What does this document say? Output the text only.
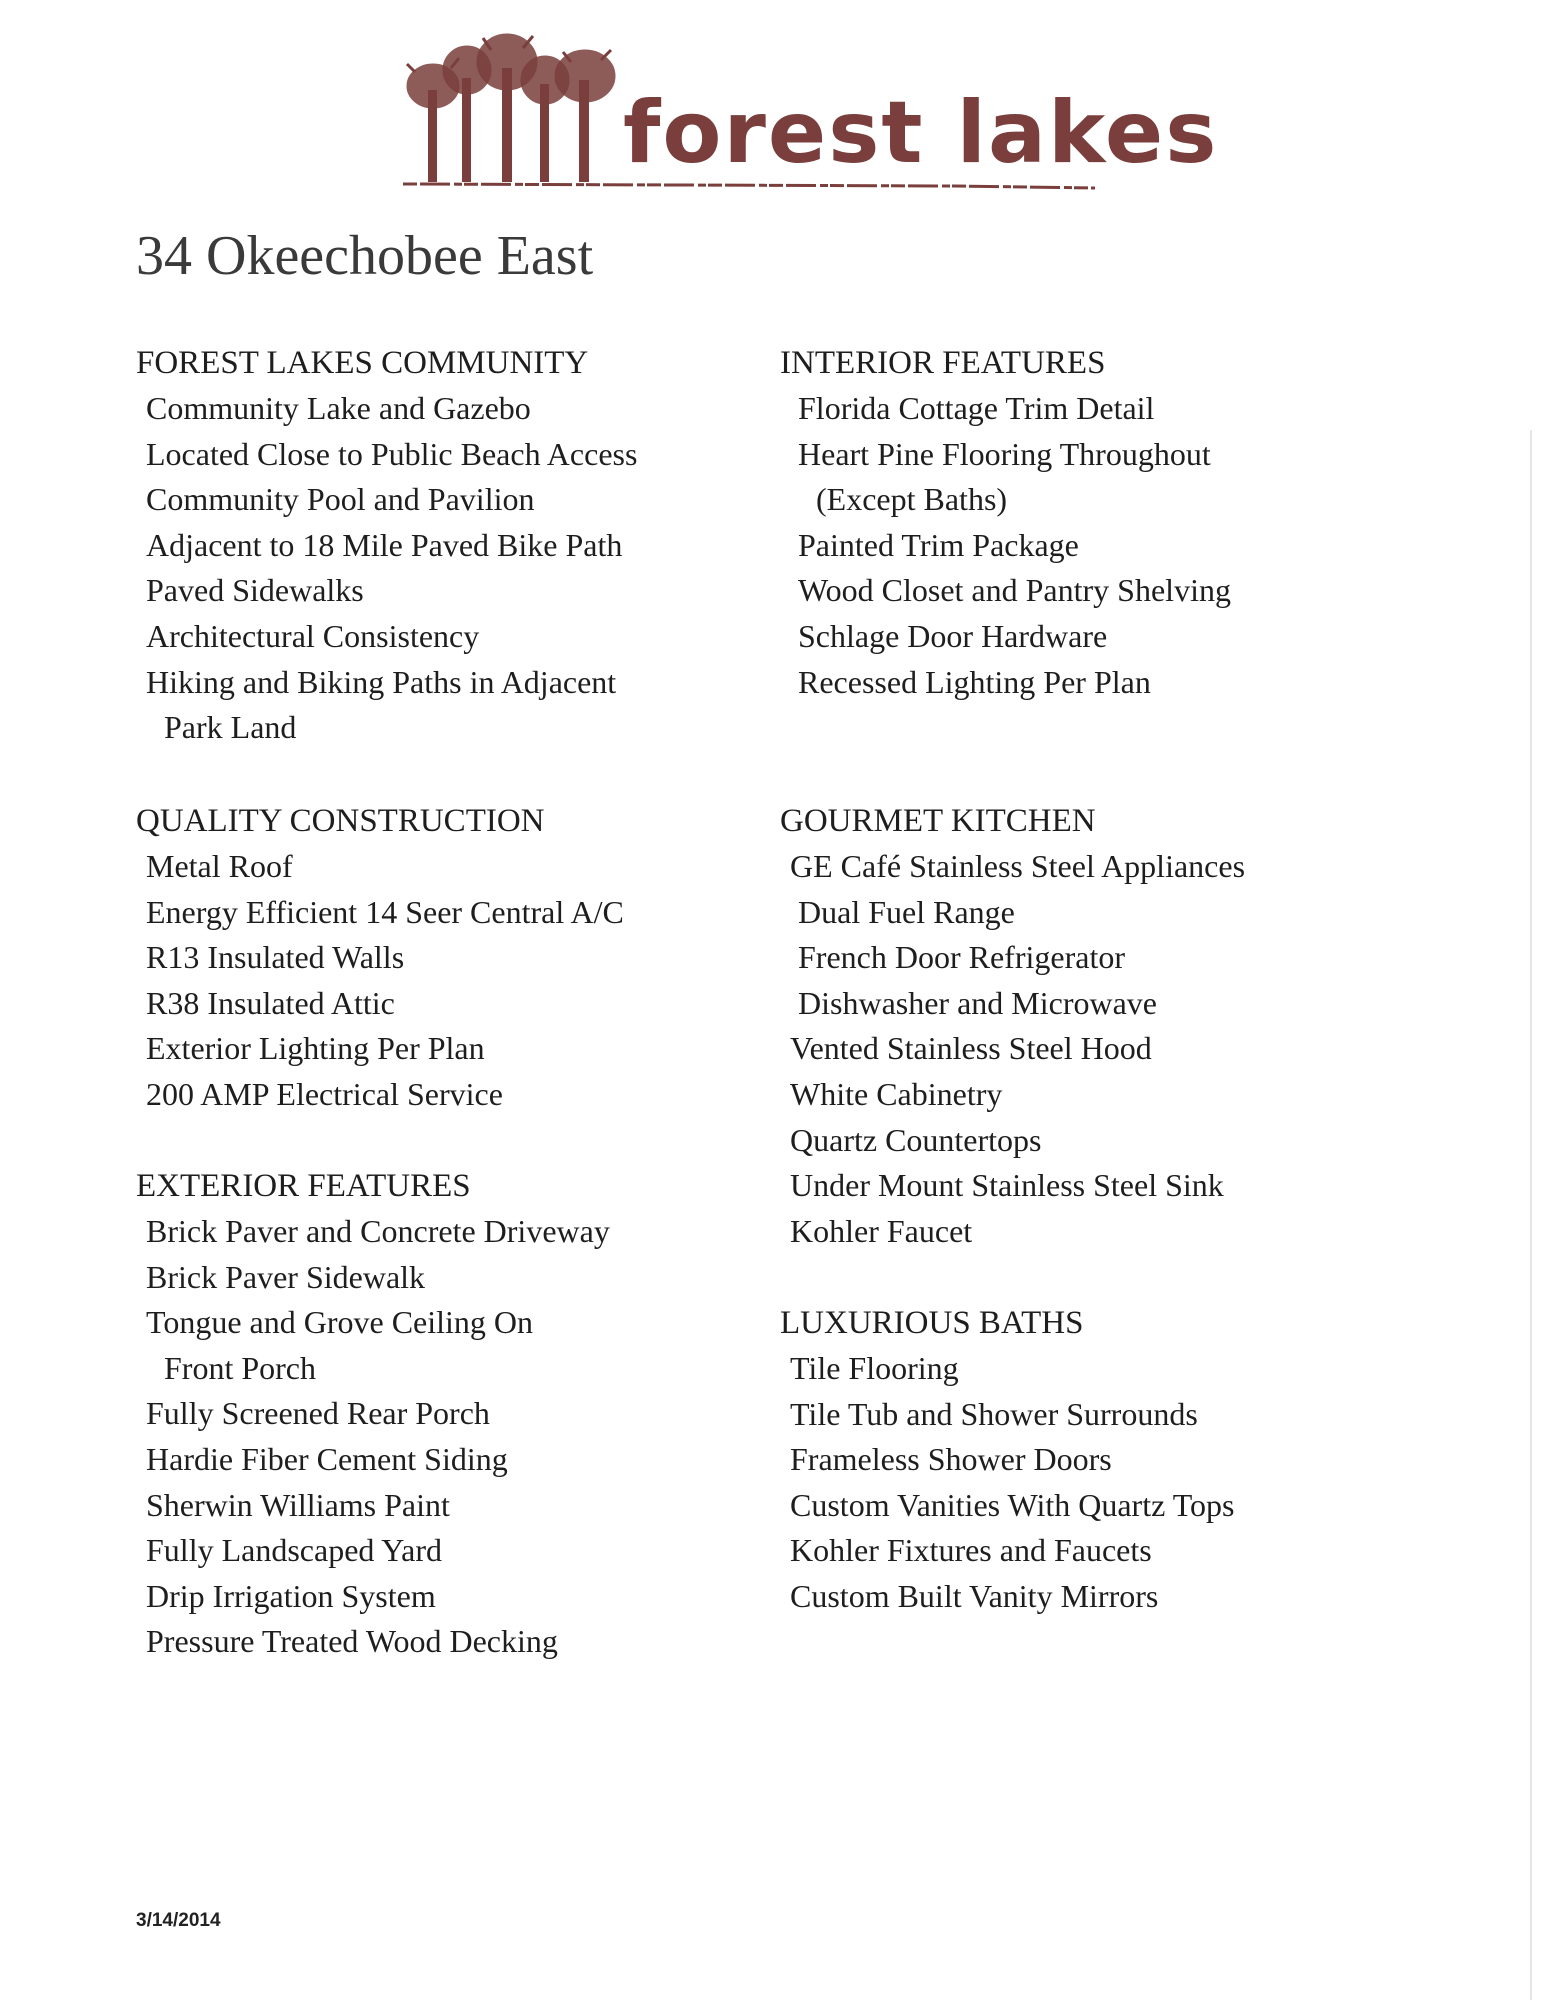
forest lakes
34 Okeechobee East
FOREST LAKES COMMUNITY
Community Lake and Gazebo
Located Close to Public Beach Access
Community Pool and Pavilion
Adjacent to 18 Mile Paved Bike Path
Paved Sidewalks
Architectural Consistency
Hiking and Biking Paths in Adjacent
Park Land
QUALITY CONSTRUCTION
Metal Roof
Energy Efficient 14 Seer Central A/C
R13 Insulated Walls
R38 Insulated Attic
Exterior Lighting Per Plan
200 AMP Electrical Service
EXTERIOR FEATURES
Brick Paver and Concrete Driveway
Brick Paver Sidewalk
Tongue and Grove Ceiling On
Front Porch
Fully Screened Rear Porch
Hardie Fiber Cement Siding
Sherwin Williams Paint
Fully Landscaped Yard
Drip Irrigation System
Pressure Treated Wood Decking
INTERIOR FEATURES
Florida Cottage Trim Detail
Heart Pine Flooring Throughout
(Except Baths)
Painted Trim Package
Wood Closet and Pantry Shelving
Schlage Door Hardware
Recessed Lighting Per Plan
GOURMET KITCHEN
GE Café Stainless Steel Appliances
Dual Fuel Range
French Door Refrigerator
Dishwasher and Microwave
Vented Stainless Steel Hood
White Cabinetry
Quartz Countertops
Under Mount Stainless Steel Sink
Kohler Faucet
LUXURIOUS BATHS
Tile Flooring
Tile Tub and Shower Surrounds
Frameless Shower Doors
Custom Vanities With Quartz Tops
Kohler Fixtures and Faucets
Custom Built Vanity Mirrors
3/14/2014
